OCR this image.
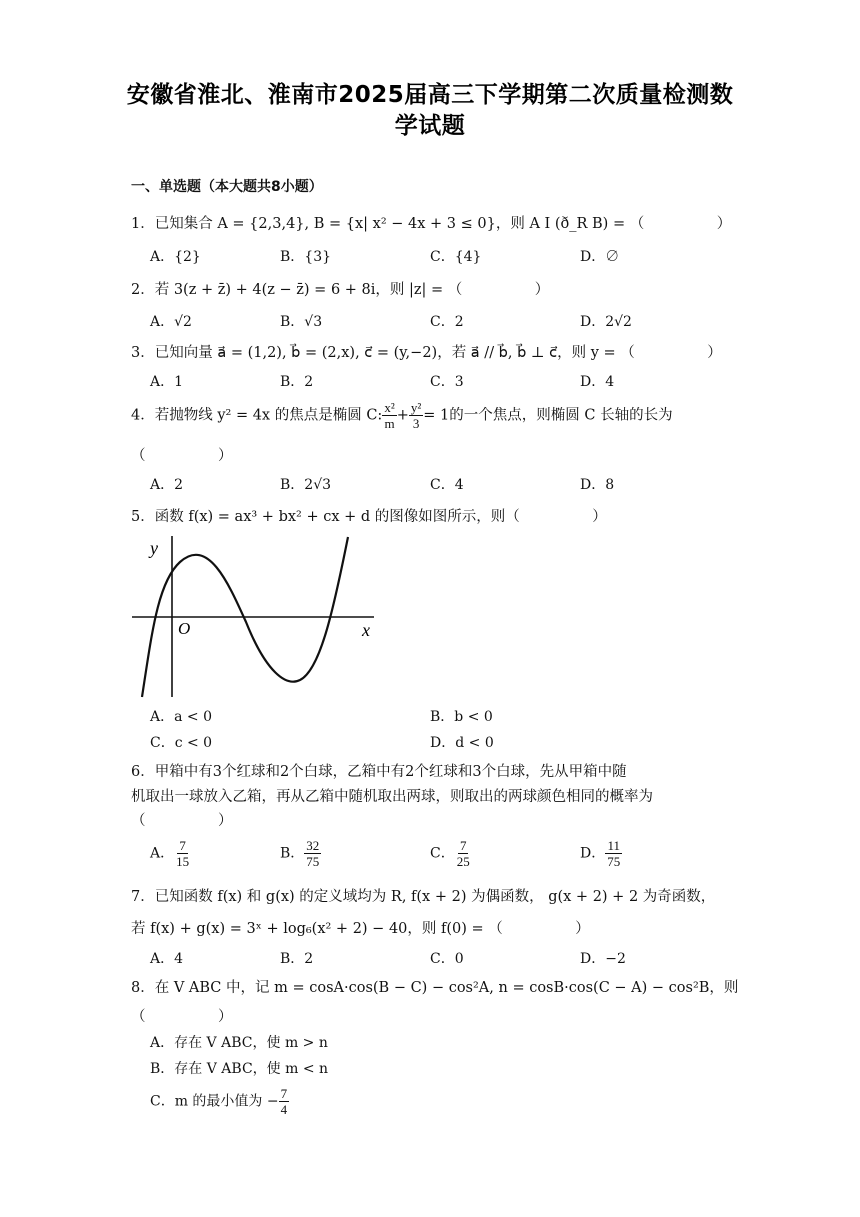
安徽省淮北、淮南市2025届高三下学期第二次质量检测数
学试题
一、单选题（本大题共8小题）
1．已知集合 A = {2,3,4}, B = {x| x² − 4x + 3 ≤ 0}，则 A I (ð_R B) = （　　　　　）
A．{2}	B．{3}	C．{4}	D．∅
2．若 3(z + z̄) + 4(z − z̄) = 6 + 8i，则 |z| = （　　　　　）
A．√2	B．√3	C．2	D．2√2
3．已知向量 a⃗ = (1,2), b⃗ = (2,x), c⃗ = (y,−2)，若 a⃗ // b⃗, b⃗ ⊥ c⃗，则 y = （　　　　　）
A．1	B．2	C．3	D．4
4．若抛物线 y² = 4x 的焦点是椭圆 C: $\frac{\text{x²}}{m} + \frac{\text{y²}}{3} = 1$的一个焦点，则椭圆 C 长轴的长为
（　　　　　）
A．2	B．2√3	C．4	D．8
5．函数 f(x) = ax³ + bx² + cx + d 的图像如图所示，则（　　　　　）
y
x
O
A．a < 0	B．b < 0
C．c < 0	D．d < 0
6．甲箱中有3个红球和2个白球，乙箱中有2个红球和3个白球，先从甲箱中随
机取出一球放入乙箱，再从乙箱中随机取出两球，则取出的两球颜色相同的概率为
（　　　　　）
A． $\frac{7}{15}$	B． $\frac{32}{75}$	C． $\frac{7}{25}$	D． $\frac{11}{75}$
7．已知函数 f(x) 和 g(x) 的定义域均为 R, f(x + 2) 为偶函数， g(x + 2) + 2 为奇函数，
若 f(x) + g(x) = 3ˣ + log₆(x² + 2) − 40，则 f(0) = （　　　　　）
A．4	B．2	C．0	D．−2
8．在 V ABC 中，记 m = cosA·cos(B − C) − cos²A, n = cosB·cos(C − A) − cos²B，则
（　　　　　）
A．存在 V ABC，使 m > n
B．存在 V ABC，使 m < n
C．m 的最小值为 − $\frac{7}{4}$
